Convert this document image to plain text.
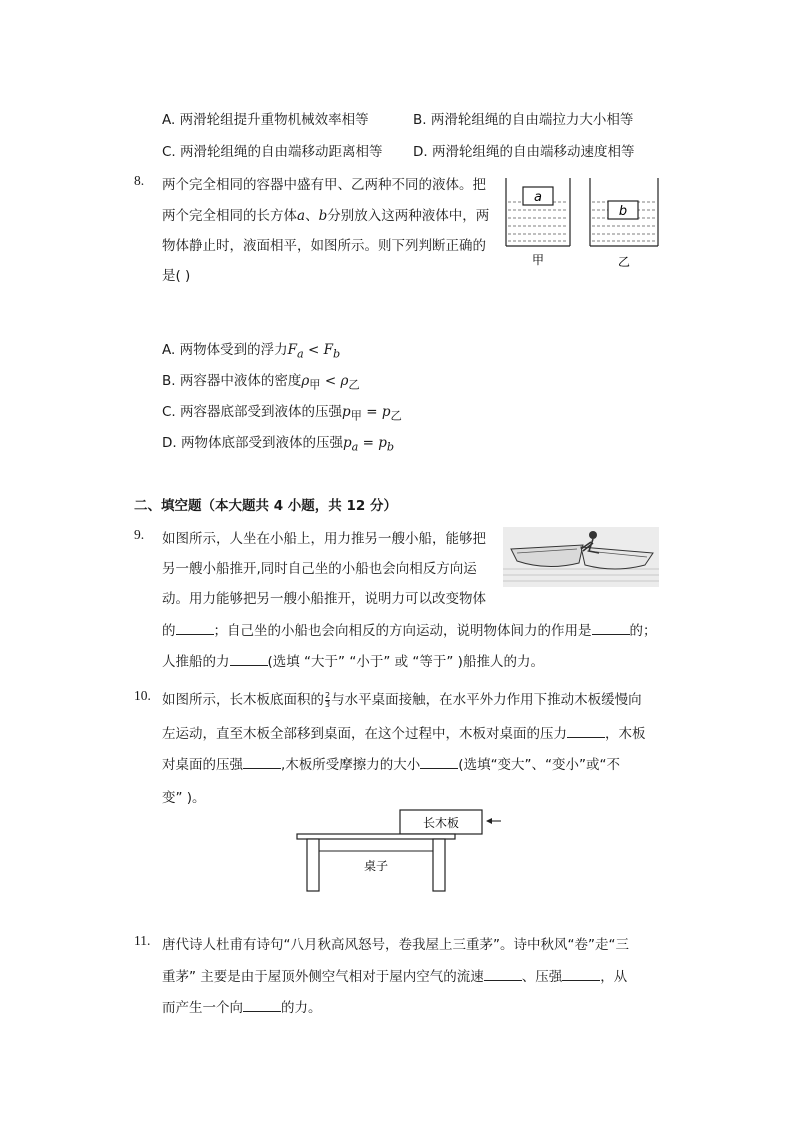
A. 两滑轮组提升重物机械效率相等	B. 两滑轮组绳的自由端拉力大小相等
C. 两滑轮组绳的自由端移动距离相等 D. 两滑轮组绳的自由端移动速度相等
8. 两个完全相同的容器中盛有甲、乙两种不同的液体。把
两个完全相同的长方体a、b分别放入这两种液体中，两
物体静止时，液面相平，如图所示。则下列判断正确的
是( )
a
甲
b
乙
A. 两物体受到的浮力$F_a < F_b$
B. 两容器中液体的密度$\rho_甲 < \rho_乙$
C. 两容器底部受到液体的压强$p_甲 = p_乙$
D. 两物体底部受到液体的压强$p_a = p_b$
二、填空题（本大题共 4 小题，共 12 分）
9. 如图所示，人坐在小船上，用力推另一艘小船，能够把
另一艘小船推开,同时自己坐的小船也会向相反方向运
动。用力能够把另一艘小船推开，说明力可以改变物体
的	；自己坐的小船也会向相反的方向运动，说明物体间力的作用是	的；
人推船的力	(选填 “大于” “小于” 或 “等于” )船推人的力。
10. 如图所示，长木板底面积的 $\frac{2}{3}$ 与水平桌面接触，在水平外力作用下推动木板缓慢向
左运动，直至木板全部移到桌面，在这个过程中，木板对桌面的压力	，木板
对桌面的压强	,木板所受摩擦力的大小	(选填“变大”、“变小”或“不
变” )。
长木板
桌子
11. 唐代诗人杜甫有诗句“八月秋高风怒号，卷我屋上三重茅”。诗中秋风“卷”走“三
重茅” 主要是由于屋顶外侧空气相对于屋内空气的流速	、压强	，从
而产生一个向	的力。
